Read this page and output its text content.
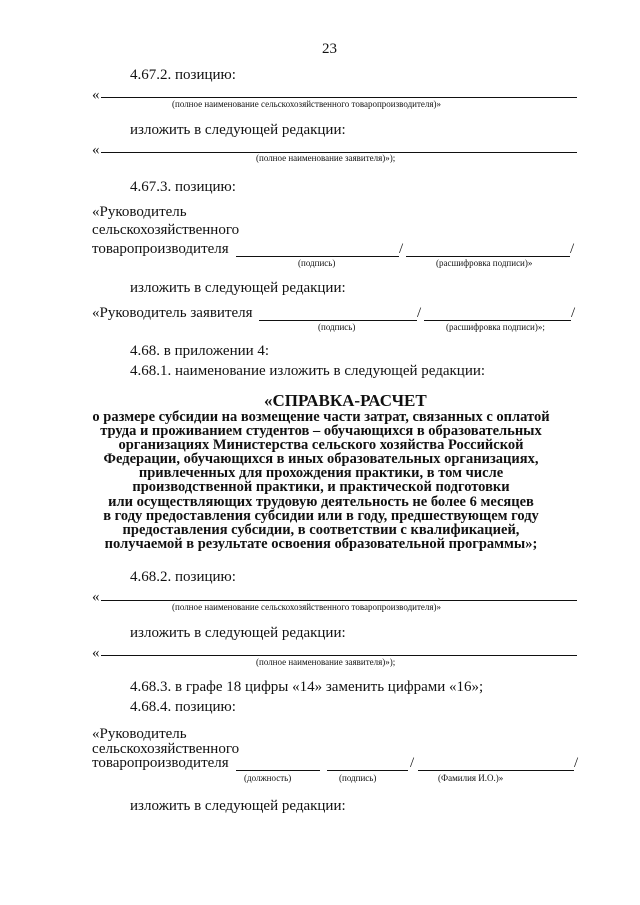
23
4.67.2. позицию:
«
(полное наименование сельскохозяйственного товаропроизводителя)»
изложить в следующей редакции:
«	(полное наименование заявителя)»);
4.67.3. позицию:
«Руководитель
сельскохозяйственного
товаропроизводителя	/	/
(подпись)	(расшифровка подписи)»
изложить в следующей редакции:
«Руководитель заявителя	/	/
(подпись)	(расшифровка подписи)»;
4.68. в приложении 4:
4.68.1. наименование изложить в следующей редакции:
«СПРАВКА-РАСЧЕТ
о размере субсидии на возмещение части затрат, связанных с оплатой
труда и проживанием студентов – обучающихся в образовательных
организациях Министерства сельского хозяйства Российской
Федерации, обучающихся в иных образовательных организациях,
привлеченных для прохождения практики, в том числе
производственной практики, и практической подготовки
или осуществляющих трудовую деятельность не более 6 месяцев
в году предоставления субсидии или в году, предшествующем году
предоставления субсидии, в соответствии с квалификацией,
получаемой в результате освоения образовательной программы»;
4.68.2. позицию:
«
(полное наименование сельскохозяйственного товаропроизводителя)»
изложить в следующей редакции:
«
(полное наименование заявителя)»);
4.68.3. в графе 18 цифры «14» заменить цифрами «16»;
4.68.4. позицию:
«Руководитель
сельскохозяйственного
товаропроизводителя	/	/
(должность)	(подпись)	(Фамилия И.О.)»
изложить в следующей редакции:
